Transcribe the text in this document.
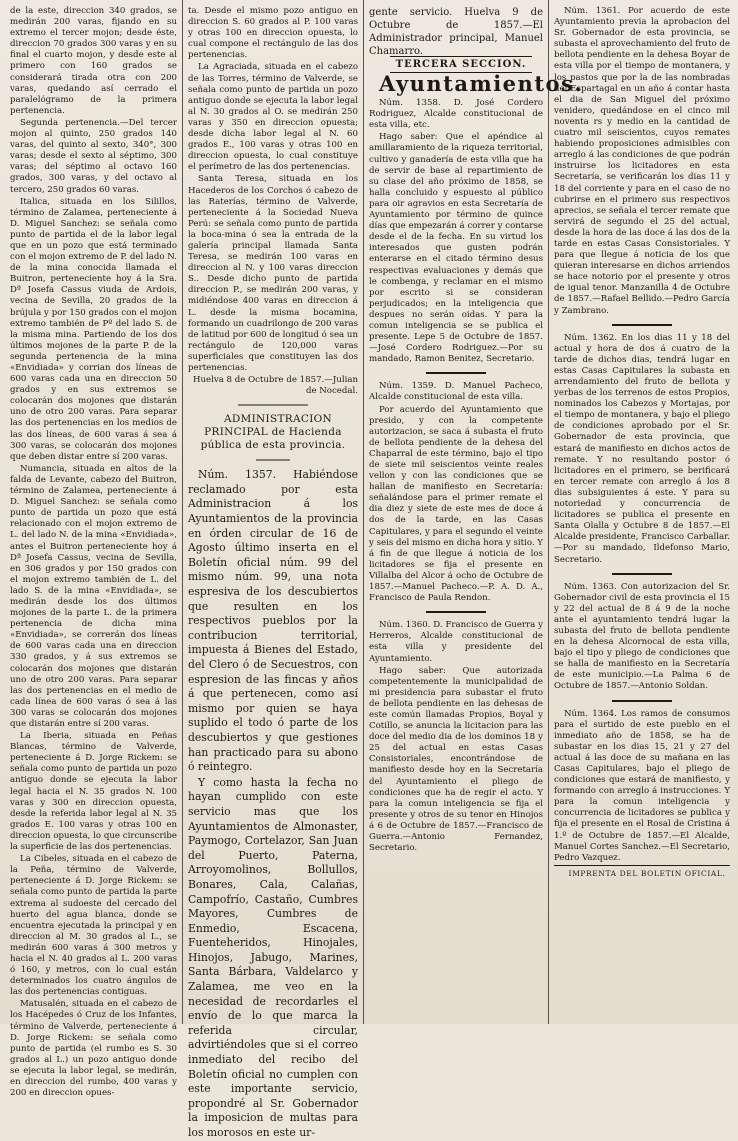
de la este, direccion 340 grados, se medirán 200 varas, fijando en su extremo el tercer mojon; desde éste, direccion 70 grados 300 varas y en su final el cuarto mojon, y desde este al primero con 160 grados se considerará tirada otra con 200 varas, quedando así cerrado el paralelógramo de la primera pertenencia.

Segunda pertenencia.—Del tercer mojon al quinto, 250 grados 140 varas, del quinto al sexto, 340°, 300 varas; desde el sexto al séptimo, 300 varas; del séptimo al octavo 160 grados, 300 varas, y del octavo al tercero, 250 grados 60 varas.

Italica, situada en los Silillos, término de Zalamea, perteneciente á D. Miguel Sanchez: se señala como punto de partida el de la labor legal que en un pozo que está terminado con el mojon extremo de P. del lado N. de la mina conocida llamada el Buitron, perteneciente hoy á la Sra. Dª Josefa Cassus viuda de Ardois, vecina de Sevilla, 20 grados de la brújula y por 150 grados con el mojon extremo también de Pº del lado S. de la misma mina. Partiendo de los dos últimos mojones de la parte P. de la segunda pertenencia de la mina «Envidiada» y corrian dos líneas de 600 varas cada una en direccion 50 grados y en sus extremos se colocarán dos mojones que distarán uno de otro 200 varas. Para separar las dos pertenencias en los medios de las dos líneas, de 600 varas á sea á 300 varas, se colocarán dos mojones que deben distar entre sí 200 varas.

Numancia, situada en altos de la falda de Levante, cabezo del Buitron, término de Zalamea, perteneciente á D. Miguel Sanchez: se señala como punto de partida un pozo que está relacionado con el mojon extremo de L. del lado N. de la mina «Envidiada», antes el Buitron perteneciente hoy á Dª Josefa Cassus, vecina de Sevilla, en 306 grados y por 150 grados con el mojon extremo también de L. del lado S. de la mina «Envidiada», se medirán desde los dos últimos mojones de la parte L. de la primera pertenencia de dicha mina «Envidiada», se correrán dos líneas de 600 varas cada una en direccion 330 grados, y á sus extremos se colocarán dos mojones que distarán uno de otro 200 varas. Para separar las dos pertenencias en el medio de cada línea de 600 varas ó sea á las 300 varas se colocarán dos mojones que distarán entre sí 200 varas.

La Iberia, situada en Peñas Blancas, término de Valverde, perteneciente á D. Jorge Rickem: se señala como punto de partida un pozo antiguo donde se ejecuta la labor legal hacia el N. 35 grados N. 100 varas y 300 en direccion opuesta, desde la referida labor legal al N. 35 grados E. 100 varas y otras 100 en direccion opuesta, lo que circunscribe la superficie de las dos pertenencias.

La Cibeles, situada en el cabezo de la Peña, término de Valverde, perteneciente á D. Jorge Rickem: se señala como punto de partida la parte extrema al sudoeste del cercado del huerto del agua blanca, donde se encuentra ejecutada la principal y en direccion al M. 30 grados al L., se medirán 600 varas á 300 metros y hacia el N. 40 grados al L. 200 varas ó 160, y metros, con lo cual están determinados los cuatro ángulos de las dos pertenencias contiguas.

Matusalén, situada en el cabezo de los Hacépedes ó Cruz de los Infantes, término de Valverde, perteneciente á D. Jorge Rickem: se señala como punto de partida (el rumbo es S. 30 grados al L.) un pozo antiguo donde se ejecuta la labor legal, se medirán, en direccion del rumbo, 400 varas y 200 en direccion opues-

ta. Desde el mismo pozo antiguo en direccion S. 60 grados al P. 100 varas y otras 100 en direccion opuesta, lo cual compone el rectángulo de las dos pertenencias.

La Agraciada, situada en el cabezo de las Torres, término de Valverde, se señala como punto de partida un pozo antiguo donde se ejecuta la labor legal al N. 30 grados al O. se medirán 250 varas y 350 en direccion opuesta; desde dicha labor legal al N. 60 grados E., 100 varas y otras 100 en direccion opuesta, lo cual constituye el perímetro de las dos pertenencias.

Santa Teresa, situada en los Hacederos de los Corchos ó cabezo de las Raterías, término de Valverde, perteneciente á la Sociedad Nueva Perú: se señala como punto de partida la boca-mina ó sea la entrada de la galería principal llamada Santa Teresa, se medirán 100 varas en direccion al N. y 100 varas direccion S.. Desde dicho punto de partida direccion P., se medirán 200 varas, y midiéndose 400 varas en direccion á L. desde la misma bocamina, formando un cuadrilongo de 200 varas de latitud por 600 de longitud ó sea un rectángulo de 120,000 varas superficiales que constituyen las dos pertenencias.

Huelva 8 de Octubre de 1857.—Julian de Nocedal.

ADMINISTRACION PRINCIPAL de Hacienda pública de esta provincia.

Núm. 1357. Habiéndose reclamado por esta Administracion á los Ayuntamientos de la provincia en órden circular de 16 de Agosto último inserta en el Boletín oficial núm. 99 del mismo núm. 99, una nota espresiva de los descubiertos que resulten en los respectivos pueblos por la contribucion territorial, impuesta á Bienes del Estado, del Clero ó de Secuestros, con espresion de las fincas y años á que pertenecen, como así mismo por quien se haya suplido el todo ó parte de los descubiertos y que gestiones han practicado para su abono ó reintegro.

Y como hasta la fecha no hayan cumplido con este servicio mas que los Ayuntamientos de Almonaster, Paymogo, Cortelazor, San Juan del Puerto, Paterna, Arroyomolinos, Bollullos, Bonares, Cala, Calañas, Campofrío, Castaño, Cumbres Mayores, Cumbres de Enmedio, Escacena, Fuenteheridos, Hinojales, Hinojos, Jabugo, Marines, Santa Bárbara, Valdelarco y Zalamea, me veo en la necesidad de recordarles el envío de lo que marca la referida circular, advirtiéndoles que si el correo inmediato del recibo del Boletín oficial no cumplen con este importante servicio, propondré al Sr. Gobernador la imposicion de multas para los morosos en este ur-

gente servicio. Huelva 9 de Octubre de 1857.—El Administrador principal, Manuel Chamarro.

TERCERA SECCION.

Ayuntamientos.

Núm. 1358. D. José Cordero Rodriguez, Alcalde constitucional de esta villa, etc.

Hago saber: Que el apéndice al amillaramiento de la riqueza territorial, cultivo y ganadería de esta villa que ha de servir de base al repartimiento de su clase del año próximo de 1858, se halla concluido y espuesto al público para oir agravios en esta Secretaría de Ayuntamiento por término de quince días que empezarán á correr y contarse desde el de la fecha. En su virtud los interesados que gusten podrán enterarse en el citado término desus respectivas evaluaciones y demás que le combenga, y reclamar en el mismo por escrito si se consideran perjudicados; en la inteligencia que despues no serán oidas. Y para la comun inteligencia se se publica el presente. Lepe 5 de Octubre de 1857.—José Cordero Rodriguez.—Por su mandado, Ramon Benitez, Secretario.

Núm. 1359. D. Manuel Pacheco, Alcalde constitucional de esta villa.

Por acuerdo del Ayuntamiento que presido, y con la competente autorizacion, se saca á subasta el fruto de bellota pendiente de la dehesa del Chaparral de este término, bajo el tipo de siete mil seiscientos veinte reales vellon y con las condiciones que se hallan de manifiesto en Secretaría: señalándose para el primer remate el dia diez y siete de este mes de doce á dos de la tarde, en las Casas Capitulares, y para el segundo el veinte y seis del mismo en dicha hora y sitio. Y á fin de que llegue á noticia de los licitadores se fija el presente en Villalba del Alcor á ocho de Octubre de 1857.—Manuel Pacheco.—P. A. D. A., Francisco de Paula Rendon.

Núm. 1360. D. Francisco de Guerra y Herreros, Alcalde constitucional de esta villa y presidente del Ayuntamiento.

Hago saber: Que autorizada competentemente la municipalidad de mi presidencia para subastar el fruto de bellota pendiente en las dehesas de este común llamadas Propios, Boyal y Cotillo, se anuncia la licitacion para las doce del medio dia de los dominos 18 y 25 del actual en estas Casas Consistoriales, encontrándose de manifiesto desde hoy en la Secretaría del Ayuntamiento el pliego de condiciones que ha de regir el acto. Y para la comun inteligencia se fija el presente y otros de su tenor en Hinojos á 6 de Octubre de 1857.—Francisco de Guerra.—Antonio Fernandez, Secretario.

Núm. 1361. Por acuerdo de este Ayuntamiento previa la aprobacion del Sr. Gobernador de esta provincia, se subasta el aprovechamiento del fruto de bellota pendiente en la dehesa Boyar de esta villa por el tiempo de montanera, y los pastos que por la de las nombradas del Espartagal en un año á contar hasta el dia de San Miguel del próximo venidero, quedándose en el cinco mil noventa rs y medio en la cantidad de cuatro mil seiscientos, cuyos remates habiendo proposiciones admisibles con arreglo á las condiciones de que podrán instruirse los licitadores en esta Secretaría, se verificarán los dias 11 y 18 del corriente y para en el caso de no cubrirse en el primero sus respectivos aprecios, se señala el tercer remate que servirá de segundo el 25 del actual, desde la hora de las doce á las dos de la tarde en estas Casas Consistoriales. Y para que llegue á noticia de los que quieran interesarse en dichos arriendos se hace notorio por el presente y otros de igual tenor. Manzanilla 4 de Octubre de 1857.—Rafael Bellido.—Pedro García y Zambrano.

Núm. 1362. En los dias 11 y 18 del actual y hora de dos á cuatro de la tarde de dichos dias, tendrá lugar en estas Casas Capitulares la subasta en arrendamiento del fruto de bellota y yerbas de los terrenos de estos Propios, nominados los Cabezos y Mortajas, por el tiempo de montanera, y bajo el pliego de condiciones aprobado por el Sr. Gobernador de esta provincia, que estará de manifiesto en dichos actos de remate. Y no resultando postor ó licitadores en el primero, se berificará en tercer remate con arreglo á los 8 dias subsiguientes á este. Y para su notoriedad y concurrencia de licitadores se publica el presente en Santa Olalla y Octubre 8 de 1857.—El Alcalde presidente, Francisco Carballar.—Por su mandado, Ildefonso Mario, Secretario.

Núm. 1363. Con autorizacion del Sr. Gobernador civil de esta provincia el 15 y 22 del actual de 8 á 9 de la noche ante el ayuntamiento tendrá lugar la subasta del fruto de bellota pendiente en la dehesa Alcornocal de esta villa, bajo el tipo y pliego de condiciones que se halla de manifiesto en la Secretaría de este municipio.—La Palma 6 de Octubre de 1857.—Antonio Soldan.

Núm. 1364. Los ramos de consumos para el surtido de este pueblo en el inmediato año de 1858, se ha de subastar en los dias 15, 21 y 27 del actual á las doce de su mañana en las Casas Capitulares, bajo el pliego de condiciones que estará de manifiesto, y formando con arreglo á instrucciones. Y para la comun inteligencia y concurrencia de licitadores se publica y fija el presente en el Rosal de Cristina á 1.º de Octubre de 1857.—El Alcalde, Manuel Cortes Sanchez.—El Secretario, Pedro Vazquez.

IMPRENTA DEL BOLETIN OFICIAL.
